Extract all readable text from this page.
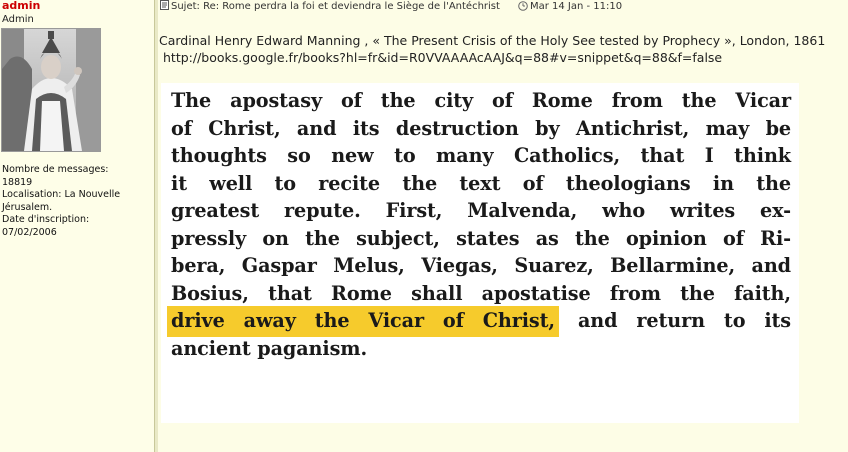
admin
Admin
Nombre de messages:
18819
Localisation: La Nouvelle
Jérusalem.
Date d'inscription:
07/02/2006
Sujet: Re: Rome perdra la foi et deviendra le Siège de l'Antéchrist	Mar 14 Jan - 11:10
Cardinal Henry Edward Manning , « The Present Crisis of the Holy See tested by Prophecy », London, 1861
http://books.google.fr/books?hl=fr&id=R0VVAAAAcAAJ&q=88#v=snippet&q=88&f=false
The apostasy of the city of Rome from the Vicar
of Christ, and its destruction by Antichrist, may be
thoughts so new to many Catholics, that I think
it well to recite the text of theologians in the
greatest repute. First, Malvenda, who writes ex-
pressly on the subject, states as the opinion of Ri-
bera, Gaspar Melus, Viegas, Suarez, Bellarmine, and
Bosius, that Rome shall apostatise from the faith,
drive away the Vicar of Christ, and return to its
ancient paganism.
